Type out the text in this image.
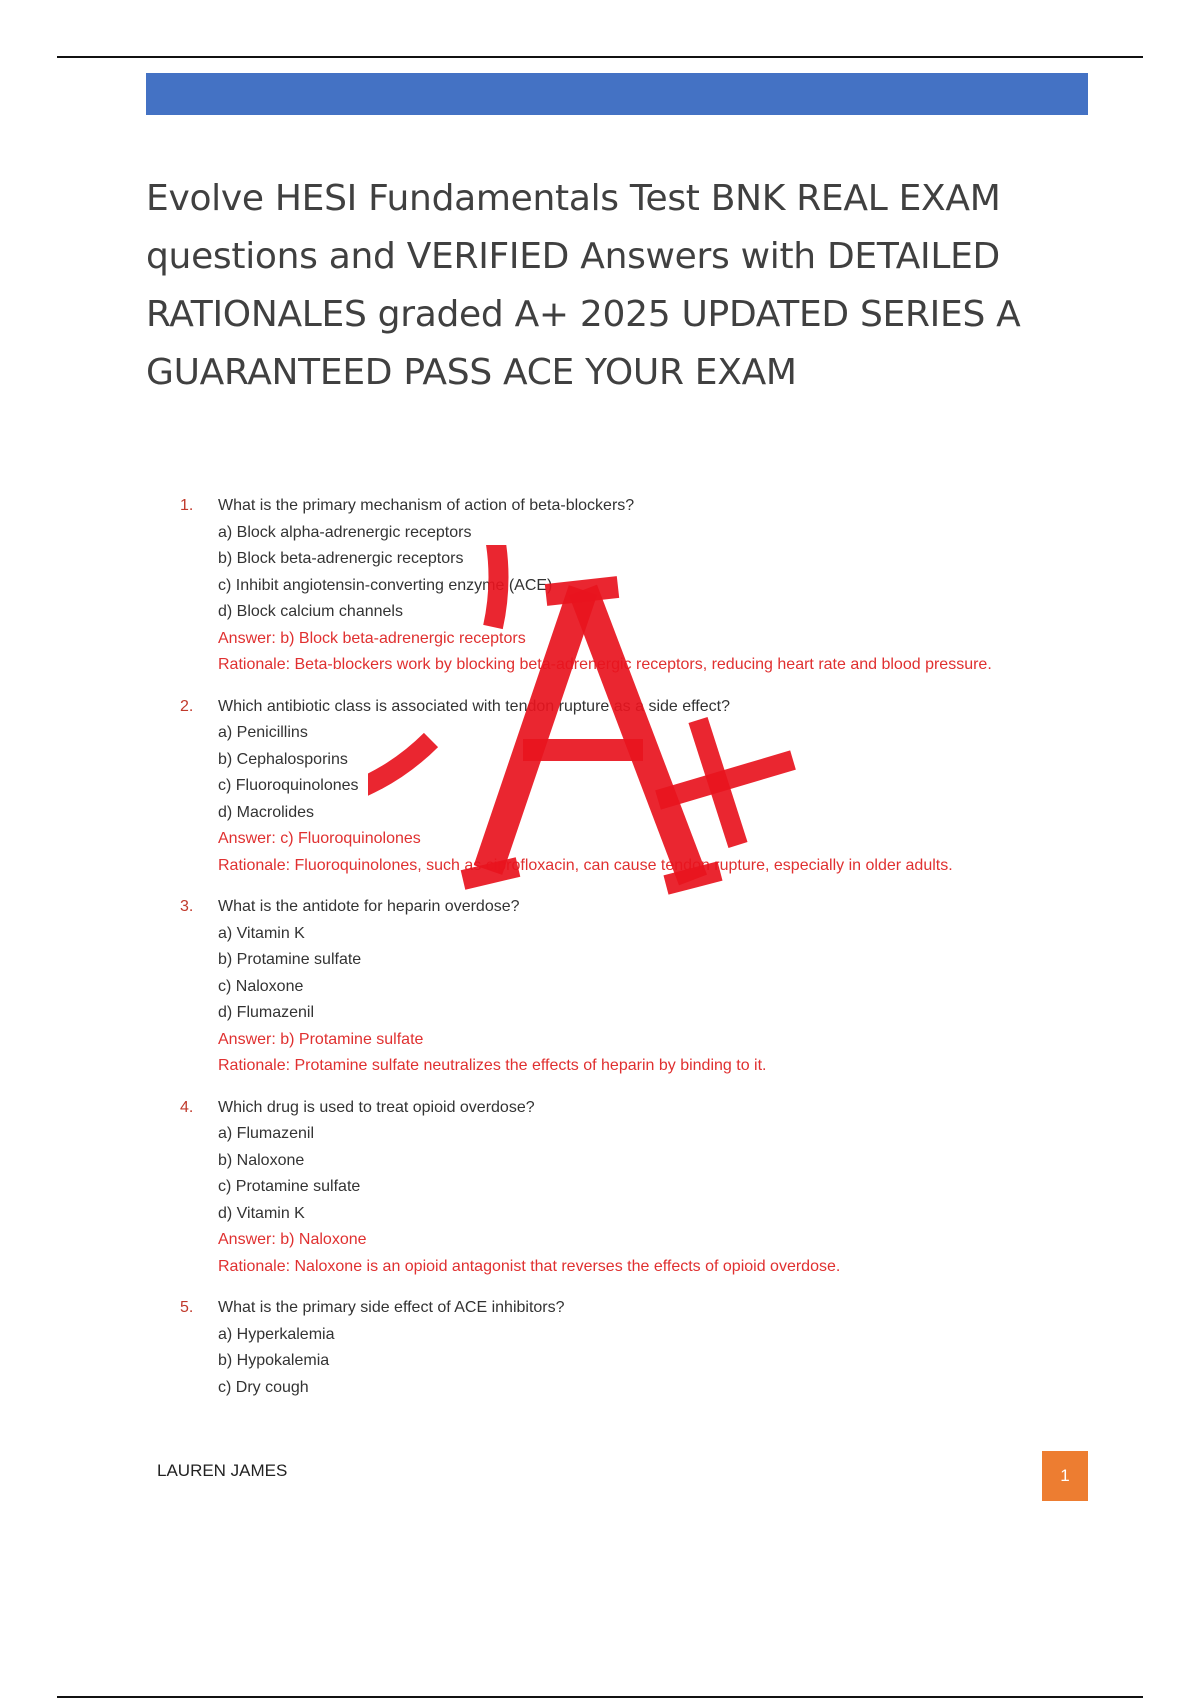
Evolve HESI Fundamentals Test BNK REAL EXAM questions and VERIFIED Answers with DETAILED RATIONALES graded A+ 2025 UPDATED SERIES A GUARANTEED PASS ACE YOUR EXAM
1. What is the primary mechanism of action of beta-blockers?
a) Block alpha-adrenergic receptors
b) Block beta-adrenergic receptors
c) Inhibit angiotensin-converting enzyme (ACE)
d) Block calcium channels
Answer: b) Block beta-adrenergic receptors
Rationale: Beta-blockers work by blocking beta-adrenergic receptors, reducing heart rate and blood pressure.
2. Which antibiotic class is associated with tendon rupture as a side effect?
a) Penicillins
b) Cephalosporins
c) Fluoroquinolones
d) Macrolides
Answer: c) Fluoroquinolones
Rationale: Fluoroquinolones, such as ciprofloxacin, can cause tendon rupture, especially in older adults.
3. What is the antidote for heparin overdose?
a) Vitamin K
b) Protamine sulfate
c) Naloxone
d) Flumazenil
Answer: b) Protamine sulfate
Rationale: Protamine sulfate neutralizes the effects of heparin by binding to it.
4. Which drug is used to treat opioid overdose?
a) Flumazenil
b) Naloxone
c) Protamine sulfate
d) Vitamin K
Answer: b) Naloxone
Rationale: Naloxone is an opioid antagonist that reverses the effects of opioid overdose.
5. What is the primary side effect of ACE inhibitors?
a) Hyperkalemia
b) Hypokalemia
c) Dry cough
LAUREN JAMES	1
